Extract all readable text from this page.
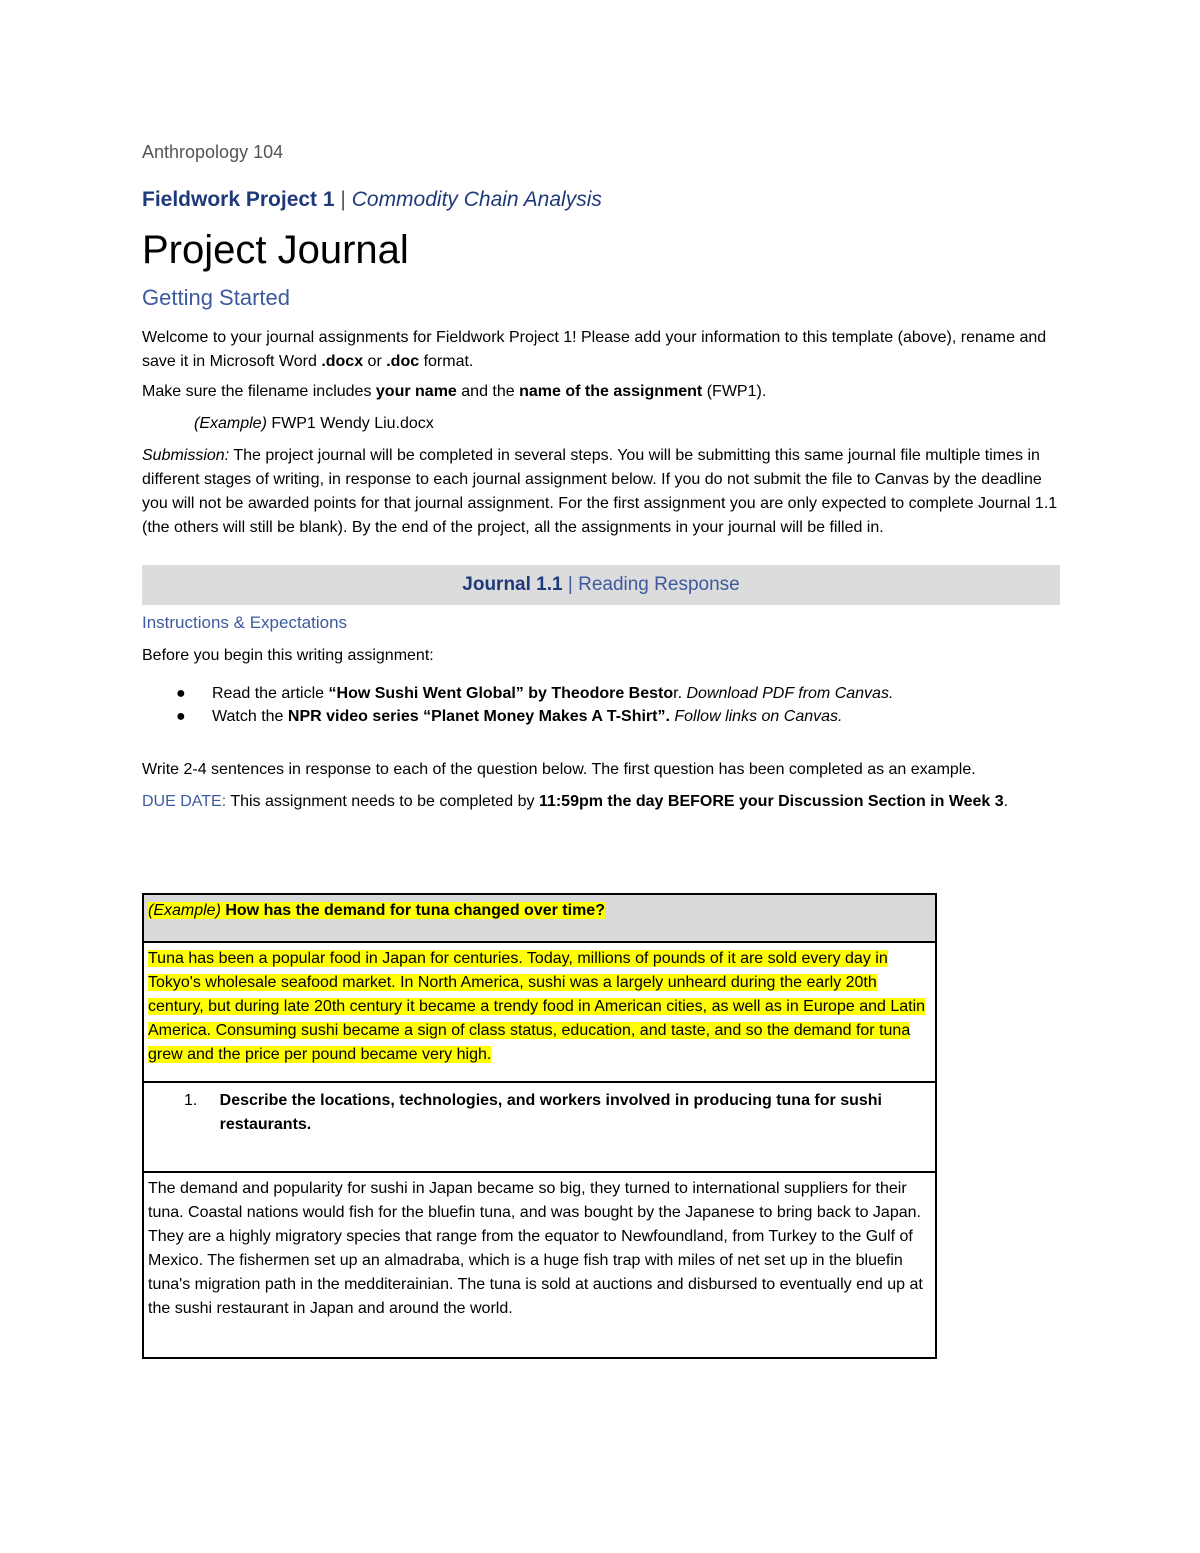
Anthropology 104

Fieldwork Project 1 | Commodity Chain Analysis
Project Journal
Getting Started

Welcome to your journal assignments for Fieldwork Project 1! Please add your information to this template (above), rename and save it in Microsoft Word .docx or .doc format.

Make sure the filename includes your name and the name of the assignment (FWP1).

(Example) FWP1 Wendy Liu.docx

Submission: The project journal will be completed in several steps. You will be submitting this same journal file multiple times in different stages of writing, in response to each journal assignment below. If you do not submit the file to Canvas by the deadline you will not be awarded points for that journal assignment. For the first assignment you are only expected to complete Journal 1.1 (the others will still be blank). By the end of the project, all the assignments in your journal will be filled in.

Journal 1.1 | Reading Response
Instructions & Expectations
Before you begin this writing assignment:
● Read the article “How Sushi Went Global” by Theodore Bestor. Download PDF from Canvas.
● Watch the NPR video series “Planet Money Makes A T-Shirt”. Follow links on Canvas.
Write 2-4 sentences in response to each of the question below. The first question has been completed as an example.
DUE DATE: This assignment needs to be completed by 11:59pm the day BEFORE your Discussion Section in Week 3.
(Example) How has the demand for tuna changed over time?
Tuna has been a popular food in Japan for centuries. Today, millions of pounds of it are sold every day in Tokyo's wholesale seafood market. In North America, sushi was a largely unheard during the early 20th century, but during late 20th century it became a trendy food in American cities, as well as in Europe and Latin America. Consuming sushi became a sign of class status, education, and taste, and so the demand for tuna grew and the price per pound became very high.

1.	Describe the locations, technologies, and workers involved in producing tuna for sushi restaurants.

The demand and popularity for sushi in Japan became so big, they turned to international suppliers for their tuna. Coastal nations would fish for the bluefin tuna, and was bought by the Japanese to bring back to Japan. They are a highly migratory species that range from the equator to Newfoundland, from Turkey to the Gulf of Mexico. The fishermen set up an almadraba, which is a huge fish trap with miles of net set up in the bluefin tuna's migration path in the medditerainian. The tuna is sold at auctions and disbursed to eventually end up at the sushi restaurant in Japan and around the world.
